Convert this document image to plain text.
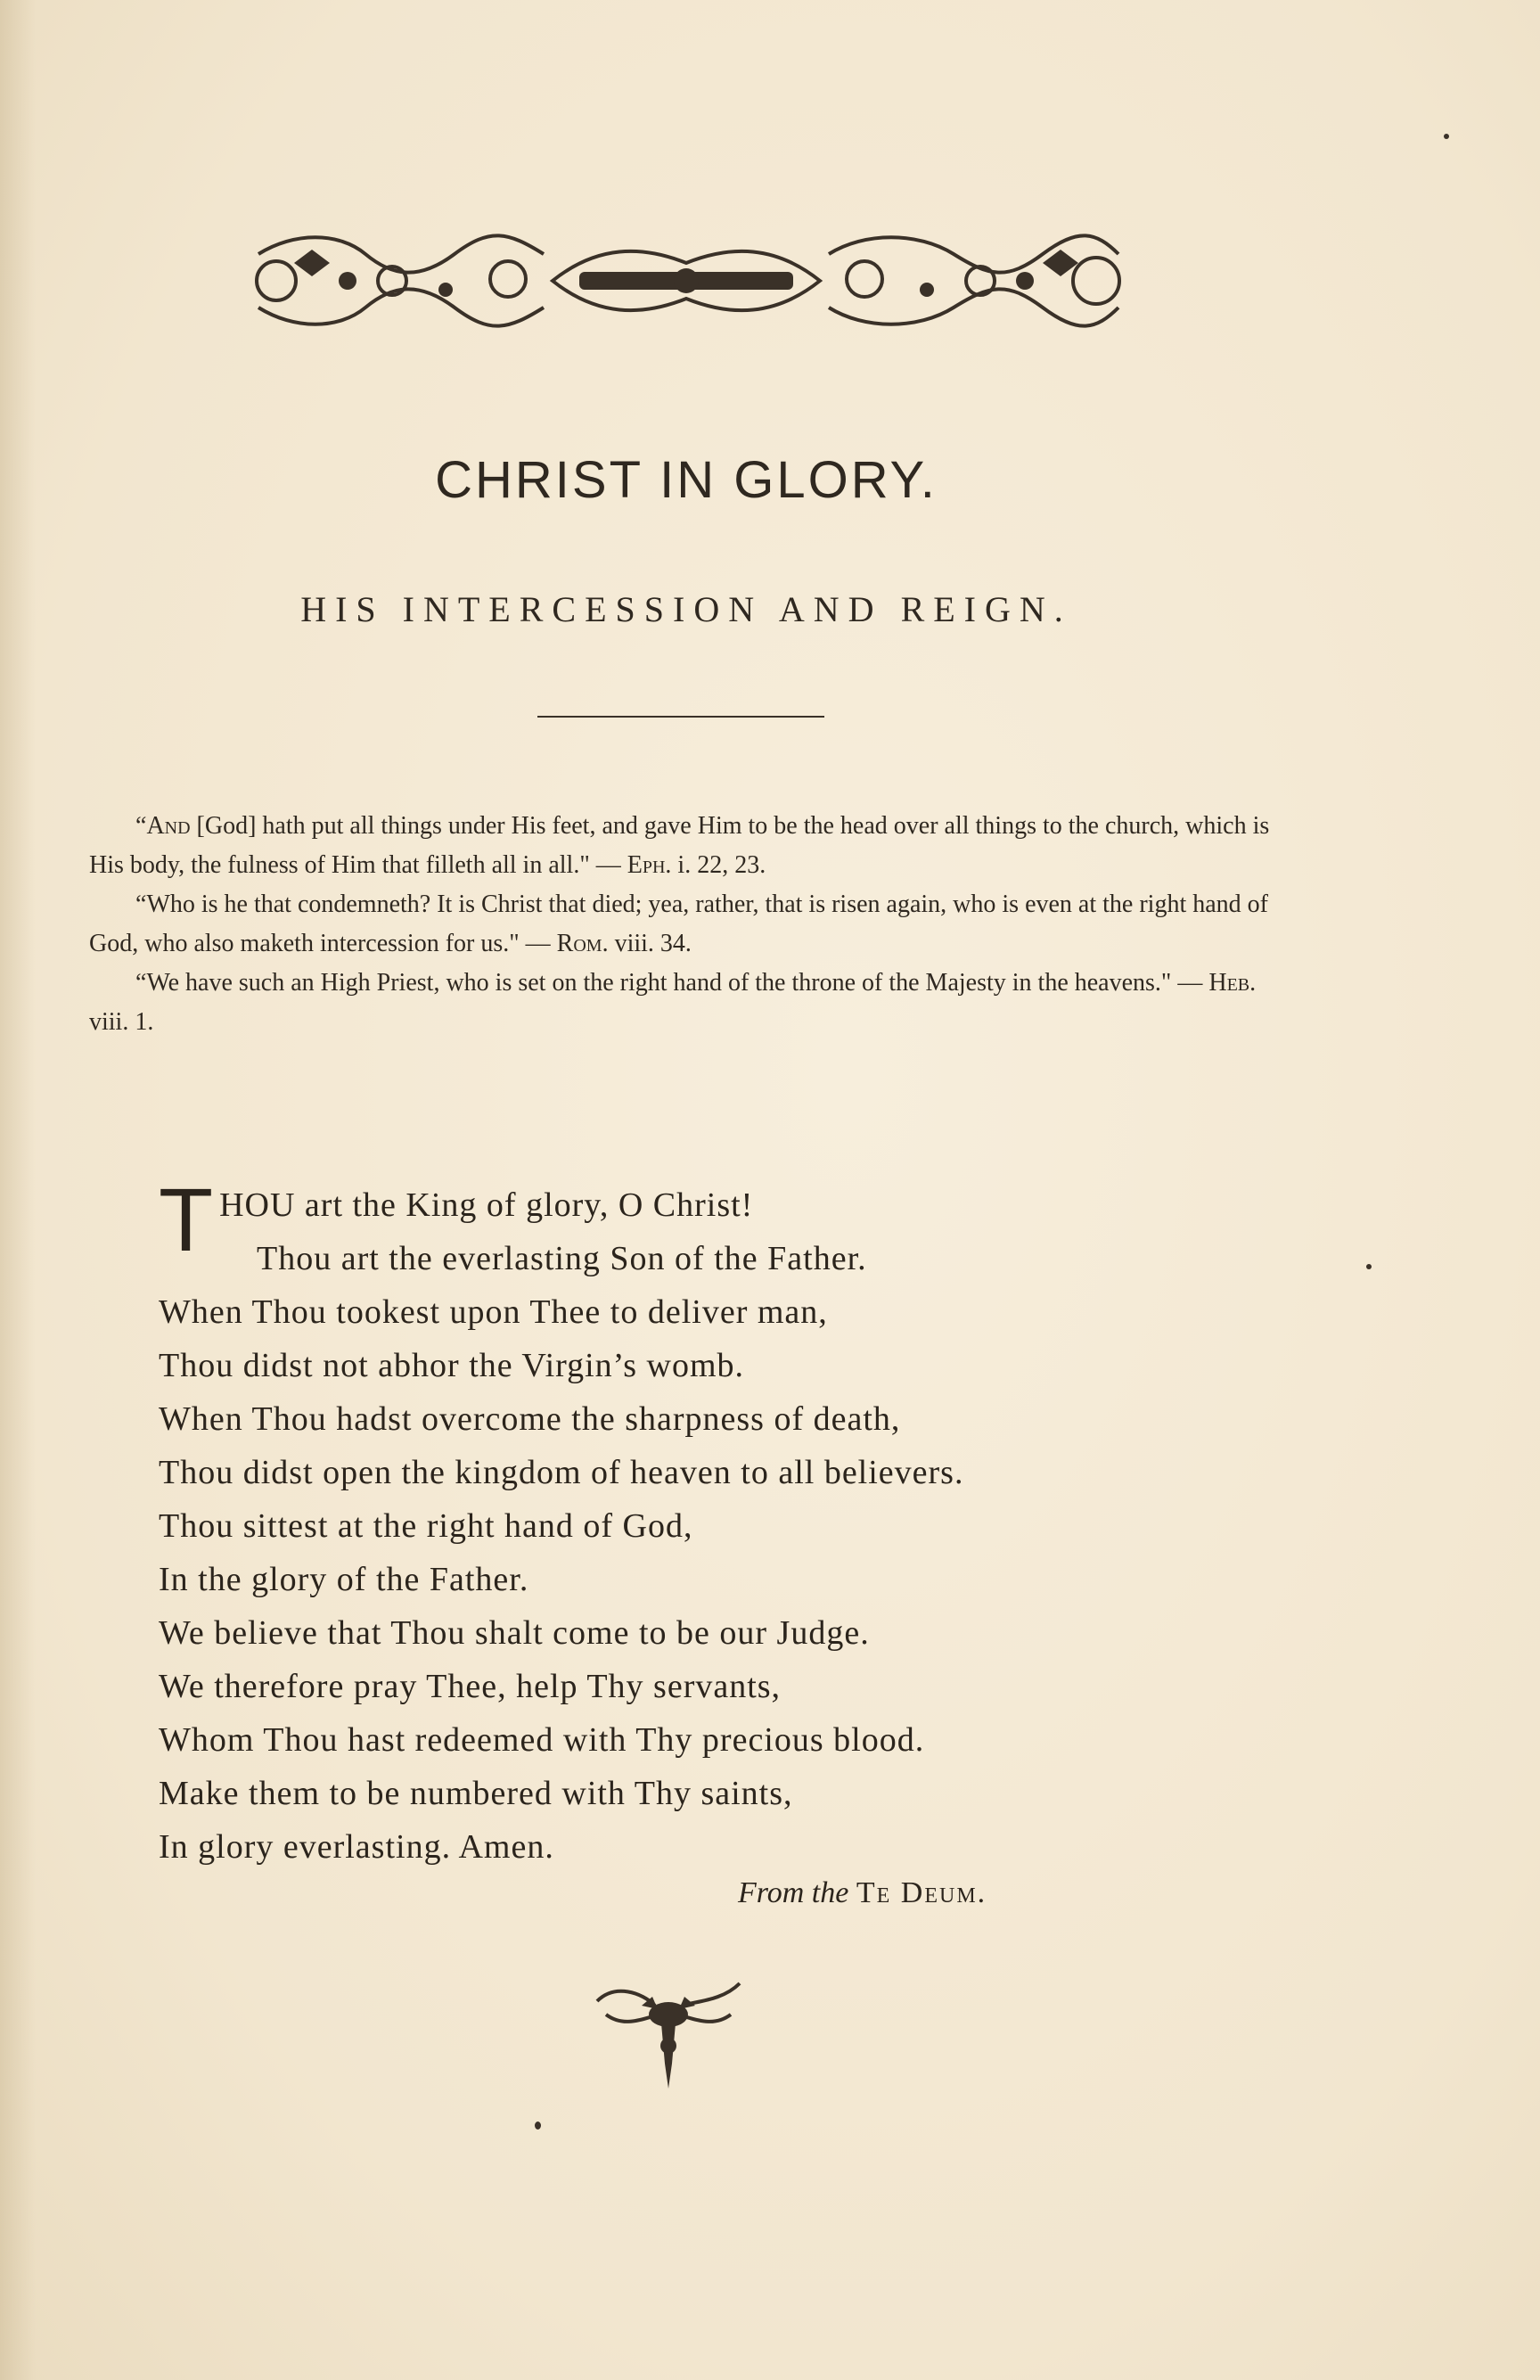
CHRIST IN GLORY.
HIS INTERCESSION AND REIGN.

“And [God] hath put all things under His feet, and gave Him to be the head over all things to the church, which is His body, the fulness of Him that filleth all in all." — Eph. i. 22, 23.

“Who is he that condemneth? It is Christ that died; yea, rather, that is risen again, who is even at the right hand of God, who also maketh intercession for us." — Rom. viii. 34.

“We have such an High Priest, who is set on the right hand of the throne of the Majesty in the heavens." — Heb. viii. 1.

T HOU art the King of glory, O Christ!
Thou art the everlasting Son of the Father.
When Thou tookest upon Thee to deliver man,
Thou didst not abhor the Virgin’s womb.
When Thou hadst overcome the sharpness of death,
Thou didst open the kingdom of heaven to all believers.
Thou sittest at the right hand of God,
In the glory of the Father.
We believe that Thou shalt come to be our Judge.
We therefore pray Thee, help Thy servants,
Whom Thou hast redeemed with Thy precious blood.
Make them to be numbered with Thy saints,
In glory everlasting. Amen.
From the Te Deum.
